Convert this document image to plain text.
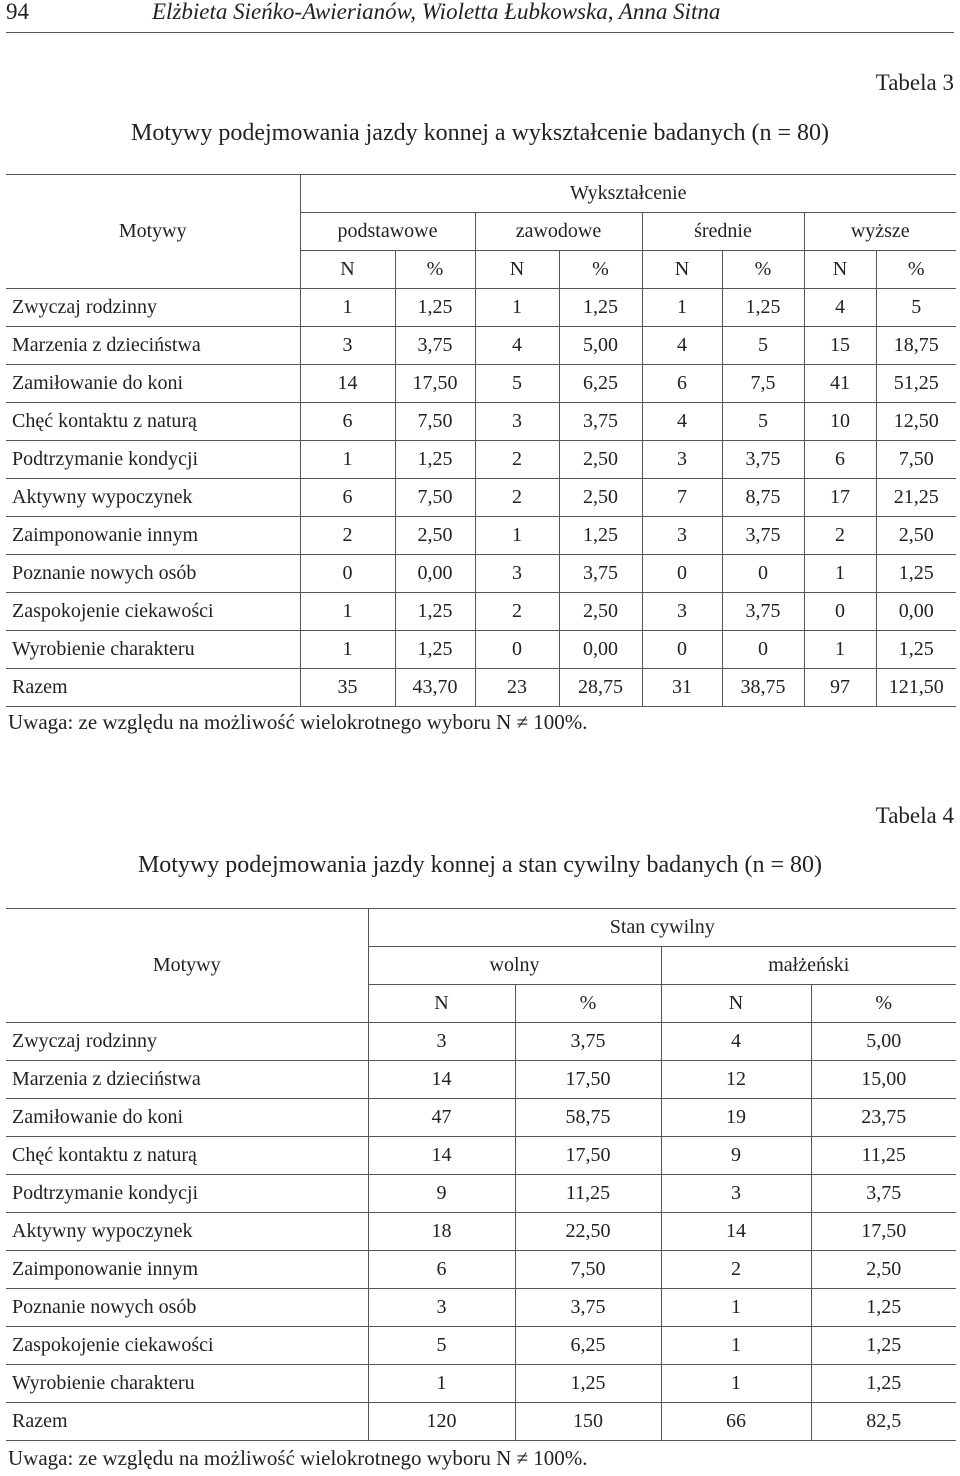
94	Elżbieta Sieńko-Awierianów, Wioletta Łubkowska, Anna Sitna
Tabela 3
Motywy podejmowania jazdy konnej a wykształcenie badanych (n = 80)
Motywy	Wykształcenie							
	podstawowe		zawodowe		średnie		wyższe	
	N	%	N	%	N	%	N	%
Zwyczaj rodzinny	1	1,25	1	1,25	1	1,25	4	5
Marzenia z dzieciństwa	3	3,75	4	5,00	4	5	15	18,75
Zamiłowanie do koni	14	17,50	5	6,25	6	7,5	41	51,25
Chęć kontaktu z naturą	6	7,50	3	3,75	4	5	10	12,50
Podtrzymanie kondycji	1	1,25	2	2,50	3	3,75	6	7,50
Aktywny wypoczynek	6	7,50	2	2,50	7	8,75	17	21,25
Zaimponowanie innym	2	2,50	1	1,25	3	3,75	2	2,50
Poznanie nowych osób	0	0,00	3	3,75	0	0	1	1,25
Zaspokojenie ciekawości	1	1,25	2	2,50	3	3,75	0	0,00
Wyrobienie charakteru	1	1,25	0	0,00	0	0	1	1,25
Razem	35	43,70	23	28,75	31	38,75	97	121,50
Uwaga: ze względu na możliwość wielokrotnego wyboru N ≠ 100%.
Tabela 4
Motywy podejmowania jazdy konnej a stan cywilny badanych (n = 80)
Motywy	Stan cywilny			
	wolny		małżeński	
	N	%	N	%
Zwyczaj rodzinny	3	3,75	4	5,00
Marzenia z dzieciństwa	14	17,50	12	15,00
Zamiłowanie do koni	47	58,75	19	23,75
Chęć kontaktu z naturą	14	17,50	9	11,25
Podtrzymanie kondycji	9	11,25	3	3,75
Aktywny wypoczynek	18	22,50	14	17,50
Zaimponowanie innym	6	7,50	2	2,50
Poznanie nowych osób	3	3,75	1	1,25
Zaspokojenie ciekawości	5	6,25	1	1,25
Wyrobienie charakteru	1	1,25	1	1,25
Razem	120	150	66	82,5
Uwaga: ze względu na możliwość wielokrotnego wyboru N ≠ 100%.
